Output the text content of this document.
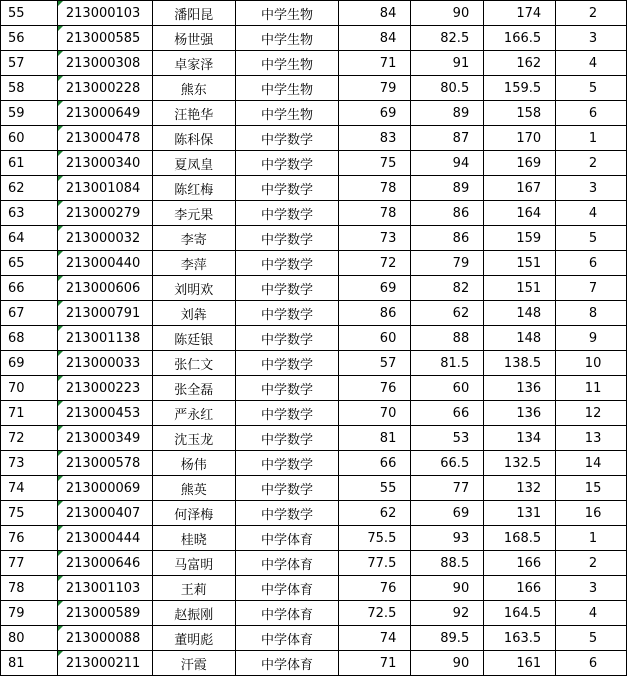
55	213000103	潘阳昆	中学生物	84	90	174	2
56	213000585	杨世强	中学生物	84	82.5	166.5	3
57	213000308	卓家泽	中学生物	71	91	162	4
58	213000228	熊东	中学生物	79	80.5	159.5	5
59	213000649	汪艳华	中学生物	69	89	158	6
60	213000478	陈科保	中学数学	83	87	170	1
61	213000340	夏凤皇	中学数学	75	94	169	2
62	213001084	陈红梅	中学数学	78	89	167	3
63	213000279	李元果	中学数学	78	86	164	4
64	213000032	李寄	中学数学	73	86	159	5
65	213000440	李萍	中学数学	72	79	151	6
66	213000606	刘明欢	中学数学	69	82	151	7
67	213000791	刘犇	中学数学	86	62	148	8
68	213001138	陈廷银	中学数学	60	88	148	9
69	213000033	张仁文	中学数学	57	81.5	138.5	10
70	213000223	张全磊	中学数学	76	60	136	11
71	213000453	严永红	中学数学	70	66	136	12
72	213000349	沈玉龙	中学数学	81	53	134	13
73	213000578	杨伟	中学数学	66	66.5	132.5	14
74	213000069	熊英	中学数学	55	77	132	15
75	213000407	何泽梅	中学数学	62	69	131	16
76	213000444	桂晓	中学体育	75.5	93	168.5	1
77	213000646	马富明	中学体育	77.5	88.5	166	2
78	213001103	王莉	中学体育	76	90	166	3
79	213000589	赵振刚	中学体育	72.5	92	164.5	4
80	213000088	董明彪	中学体育	74	89.5	163.5	5
81	213000211	汗霞	中学体育	71	90	161	6
